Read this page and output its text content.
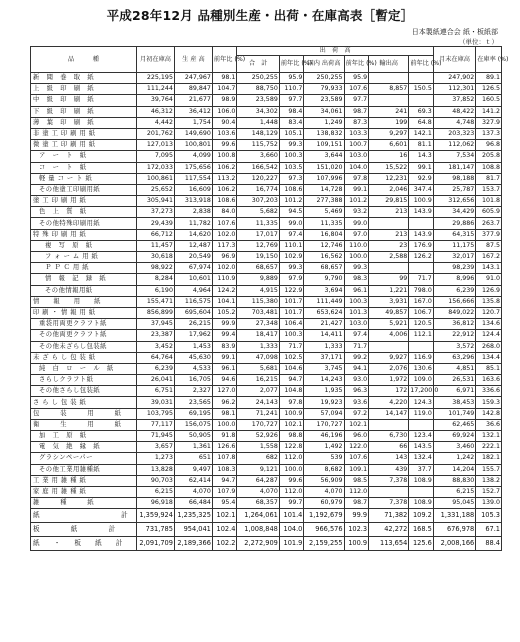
平成28年12月 品種別生産・出荷・在庫高表［暫定］
日本製紙連合会 紙・板紙部
（単位：ｔ）
品　　　種	月初在庫高	生 産 高	前年比 (%)	出　荷　高						月末在庫高	在庫率 (%)
				合　計	前年比 (%)	国内 出荷高	前年比 (%)	輸出高	前年比 (%)		
新　聞　巻　取　紙	225,195	247,967	98.1	250,255	95.9	250,255	95.9			247,902	89.1
上　級　印　刷　紙	111,244	89,847	104.7	88,750	110.7	79,933	107.6	8,857	150.5	112,301	126.5
中　級　印　刷　紙	39,764	21,677	98.9	23,589	97.7	23,589	97.7			37,852	160.5
下　級　印　刷　紙	46,312	36,412	106.0	34,302	98.4	34,061	98.7	241	69.3	48,422	141.2
薄　葉　印　刷　紙	4,442	1,754	90.4	1,448	83.4	1,249	87.3	199	64.8	4,748	327.9
非 塗 工 印 刷 用 紙	201,762	149,690	103.6	148,129	105.1	138,832	103.3	9,297	142.1	203,323	137.3
微 塗 工 印 刷 用 紙	127,013	100,801	99.6	115,752	99.3	109,151	100.7	6,601	81.1	112,062	96.8
ア　ー　ト　紙	7,095	4,099	100.8	3,660	100.3	3,644	103.0	16	14.3	7,534	205.8
コ　ー　ト　紙	172,033	175,656	106.2	166,542	103.5	151,020	104.0	15,522	99.1	181,147	108.8
軽 量 コ ー ト 紙	100,861	117,554	113.2	120,227	97.3	107,996	97.8	12,231	92.9	98,188	81.7
その他塗工印刷用紙	25,652	16,609	106.2	16,774	108.6	14,728	99.1	2,046	347.4	25,787	153.7
塗 工 印 刷 用 紙	305,941	313,918	108.6	307,203	101.2	277,388	101.2	29,815	100.9	312,656	101.8
色　上　質　紙	37,273	2,838	84.0	5,682	94.5	5,469	93.2	213	143.9	34,429	605.9
その他特殊印刷用紙	29,439	11,782	107.6	11,335	99.0	11,335	99.0			29,886	263.7
特 殊 印 刷 用 紙	66,712	14,620	102.0	17,017	97.4	16,804	97.0	213	143.9	64,315	377.9
複　写　原　紙	11,457	12,487	117.3	12,769	110.1	12,746	110.0	23	176.9	11,175	87.5
フ ォ ー ム 用 紙	30,618	20,549	96.9	19,150	102.9	16,562	100.0	2,588	126.2	32,017	167.2
Ｐ Ｐ Ｃ 用 紙	98,922	67,974	102.0	68,657	99.3	68,657	99.3			98,239	143.1
情　報　記　録　紙	8,284	10,601	110.9	9,889	97.9	9,790	98.3	99	71.7	8,996	91.0
その他情報用紙	6,190	4,964	124.2	4,915	122.9	3,694	96.1	1,221	798.0	6,239	126.9
情　　報　　用　　紙	155,471	116,575	104.1	115,380	101.7	111,449	100.3	3,931	167.0	156,666	135.8
印 刷 ・ 情 報 用 紙	856,899	695,604	105.2	703,481	101.7	653,624	101.3	49,857	106.7	849,022	120.7
重袋用両更クラフト紙	37,945	26,215	99.9	27,348	106.4	21,427	103.0	5,921	120.5	36,812	134.6
その他両更クラフト紙	23,387	17,962	99.4	18,417	100.3	14,411	97.4	4,006	112.1	22,912	124.4
その他未ざらし包装紙	3,452	1,453	83.9	1,333	71.7	1,333	71.7			3,572	268.0
未 ざ ら し 包 装 紙	64,764	45,630	99.1	47,098	102.5	37,171	99.2	9,927	116.9	63,296	134.4
純　白　ロ　ー　ル　紙	6,239	4,533	96.1	5,681	104.6	3,745	94.1	2,076	130.6	4,851	85.1
さらしクラフト紙	26,041	16,705	94.6	16,215	94.7	14,243	93.0	1,972	109.0	26,531	163.6
その他さらし包装紙	6,751	2,327	127.0	2,077	104.8	1,935	96.3	172	17,200.0	6,971	336.6
さ ら し 包 装 紙	39,031	23,565	96.2	24,143	97.8	19,923	93.6	4,220	124.3	38,453	159.3
包　　　装　　　用　　　紙	103,795	69,195	98.1	71,241	100.9	57,094	97.2	14,147	119.0	101,749	142.8
衛　　　生　　　用　　　紙	77,117	156,075	100.0	170,727	102.1	170,727	102.1			62,465	36.6
加　工　原　紙	71,945	50,905	91.8	52,926	98.8	46,196	96.0	6,730	123.4	69,924	132.1
電　気　絶　縁　紙	3,657	1,361	126.6	1,558	122.8	1,492	122.0	66	143.5	3,460	222.1
グラシンペーパー	1,273	651	107.8	682	112.0	539	107.6	143	132.4	1,242	182.1
その他工業用雑種紙	13,828	9,497	108.3	9,121	100.0	8,682	109.1	439	37.7	14,204	155.7
工 業 用 雑 種 紙	90,703	62,414	94.7	64,287	99.6	56,909	98.5	7,378	108.9	88,830	138.2
家 庭 用 雑 種 紙	6,215	4,070	107.9	4,070	112.0	4,070	112.0			6,215	152.7
雑　　　種　　　紙	96,918	66,484	95.4	68,357	99.7	60,979	98.7	7,378	108.9	95,045	139.0
紙　　　　　　計	1,359,924	1,235,325	102.1	1,264,061	101.4	1,192,679	99.9	71,382	109.2	1,331,188	105.3
板　　紙　　計	731,785	954,041	102.4	1,008,848	104.0	966,576	102.3	42,272	168.5	676,978	67.1
紙 ・ 板 紙 計	2,091,709	2,189,366	102.2	2,272,909	101.9	2,159,255	100.9	113,654	125.6	2,008,166	88.4
